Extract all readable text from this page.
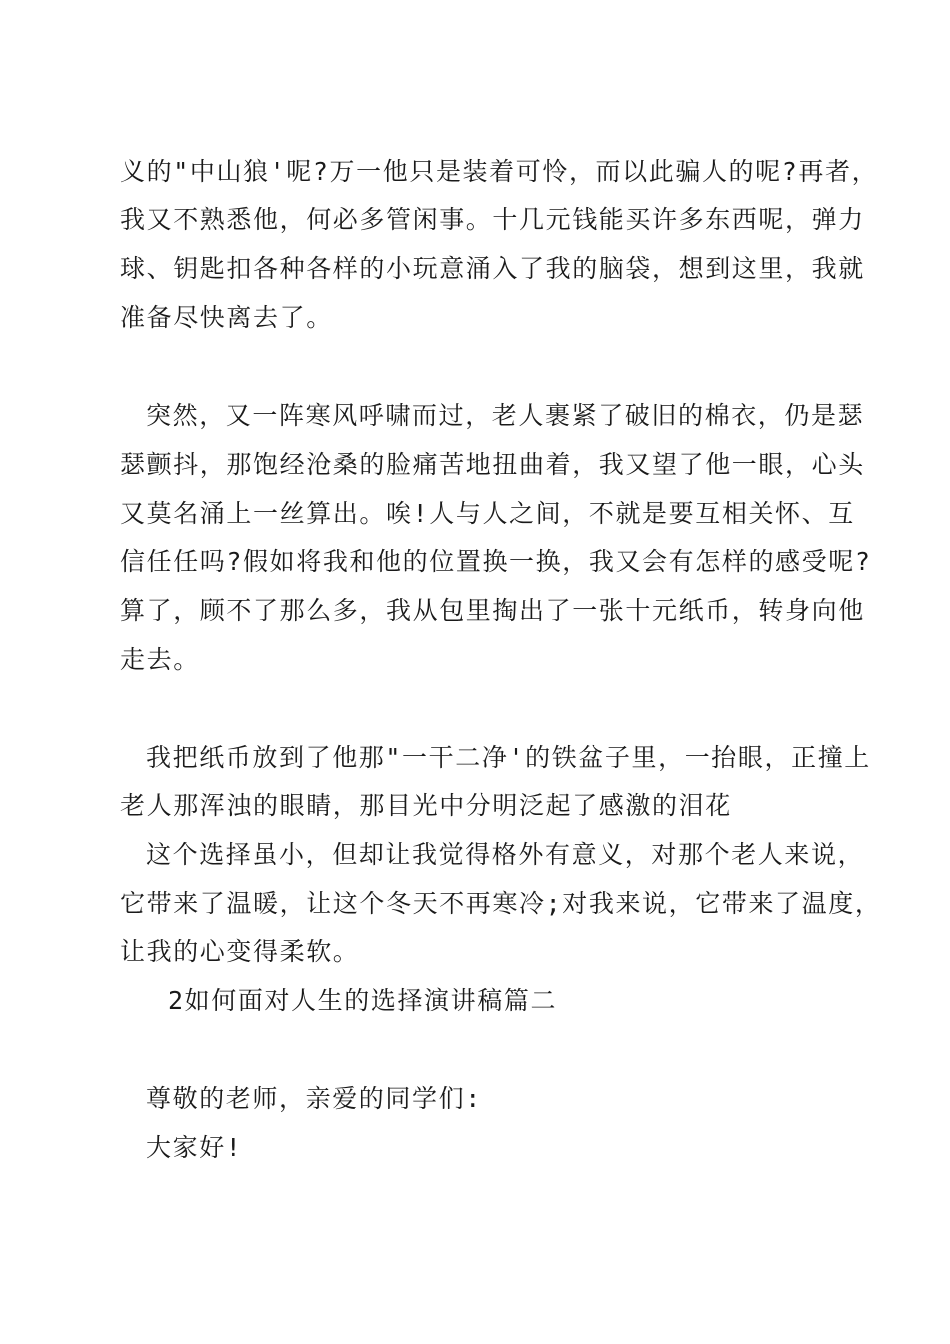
义的"中山狼'呢?万一他只是装着可怜，而以此骗人的呢?再者，
我又不熟悉他，何必多管闲事。十几元钱能买许多东西呢，弹力
球、钥匙扣各种各样的小玩意涌入了我的脑袋，想到这里，我就
准备尽快离去了。
突然，又一阵寒风呼啸而过，老人裹紧了破旧的棉衣，仍是瑟
瑟颤抖，那饱经沧桑的脸痛苦地扭曲着，我又望了他一眼，心头
又莫名涌上一丝算出。唉!人与人之间，不就是要互相关怀、互
信任任吗?假如将我和他的位置换一换，我又会有怎样的感受呢?
算了，顾不了那么多，我从包里掏出了一张十元纸币，转身向他
走去。
我把纸币放到了他那"一干二净'的铁盆子里，一抬眼，正撞上
老人那浑浊的眼睛，那目光中分明泛起了感激的泪花
这个选择虽小，但却让我觉得格外有意义，对那个老人来说，
它带来了温暖，让这个冬天不再寒冷;对我来说，它带来了温度，
让我的心变得柔软。
2如何面对人生的选择演讲稿篇二
尊敬的老师，亲爱的同学们:
大家好!
